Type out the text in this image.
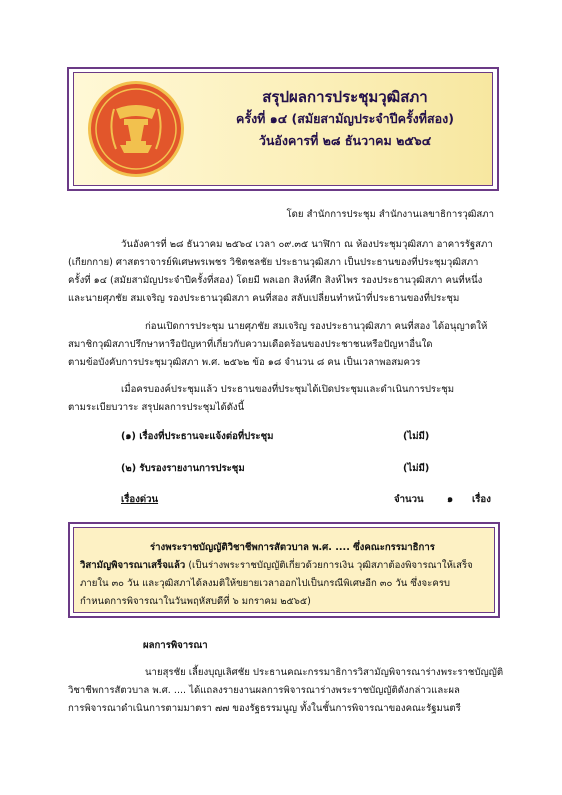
สรุปผลการประชุมวุฒิสภา
ครั้งที่ ๑๔ (สมัยสามัญประจำปีครั้งที่สอง)
วันอังคารที่ ๒๘ ธันวาคม ๒๕๖๔
โดย สำนักการประชุม สำนักงานเลขาธิการวุฒิสภา
วันอังคารที่ ๒๘ ธันวาคม ๒๕๖๔ เวลา ๐๙.๓๕ นาฬิกา ณ ห้องประชุมวุฒิสภา อาคารรัฐสภา
(เกียกกาย) ศาสตราจารย์พิเศษพรเพชร วิชิตชลชัย ประธานวุฒิสภา เป็นประธานของที่ประชุมวุฒิสภา
ครั้งที่ ๑๔ (สมัยสามัญประจำปีครั้งที่สอง) โดยมี พลเอก สิงห์ศึก สิงห์ไพร รองประธานวุฒิสภา คนที่หนึ่ง
และนายศุภชัย สมเจริญ รองประธานวุฒิสภา คนที่สอง สลับเปลี่ยนทำหน้าที่ประธานของที่ประชุม
ก่อนเปิดการประชุม นายศุภชัย สมเจริญ รองประธานวุฒิสภา คนที่สอง ได้อนุญาตให้
สมาชิกวุฒิสภาปรึกษาหารือปัญหาที่เกี่ยวกับความเดือดร้อนของประชาชนหรือปัญหาอื่นใด
ตามข้อบังคับการประชุมวุฒิสภา พ.ศ. ๒๕๖๒ ข้อ ๑๘ จำนวน ๘ คน เป็นเวลาพอสมควร
เมื่อครบองค์ประชุมแล้ว ประธานของที่ประชุมได้เปิดประชุมและดำเนินการประชุม
ตามระเบียบวาระ สรุปผลการประชุมได้ดังนี้
(๑) เรื่องที่ประธานจะแจ้งต่อที่ประชุม	(ไม่มี)
(๒) รับรองรายงานการประชุม	(ไม่มี)
เรื่องด่วน	จำนวน ๑ เรื่อง
ร่างพระราชบัญญัติวิชาชีพการสัตวบาล พ.ศ. .... ซึ่งคณะกรรมาธิการ
วิสามัญพิจารณาเสร็จแล้ว (เป็นร่างพระราชบัญญัติเกี่ยวด้วยการเงิน วุฒิสภาต้องพิจารณาให้เสร็จ
ภายใน ๓๐ วัน และวุฒิสภาได้ลงมติให้ขยายเวลาออกไปเป็นกรณีพิเศษอีก ๓๐ วัน ซึ่งจะครบ
กำหนดการพิจารณาในวันพฤหัสบดีที่ ๖ มกราคม ๒๕๖๕)
ผลการพิจารณา
นายสุรชัย เลี้ยงบุญเลิศชัย ประธานคณะกรรมาธิการวิสามัญพิจารณาร่างพระราชบัญญัติ
วิชาชีพการสัตวบาล พ.ศ. .... ได้แถลงรายงานผลการพิจารณาร่างพระราชบัญญัติดังกล่าวและผล
การพิจารณาดำเนินการตามมาตรา ๗๗ ของรัฐธรรมนูญ ทั้งในชั้นการพิจารณาของคณะรัฐมนตรี
